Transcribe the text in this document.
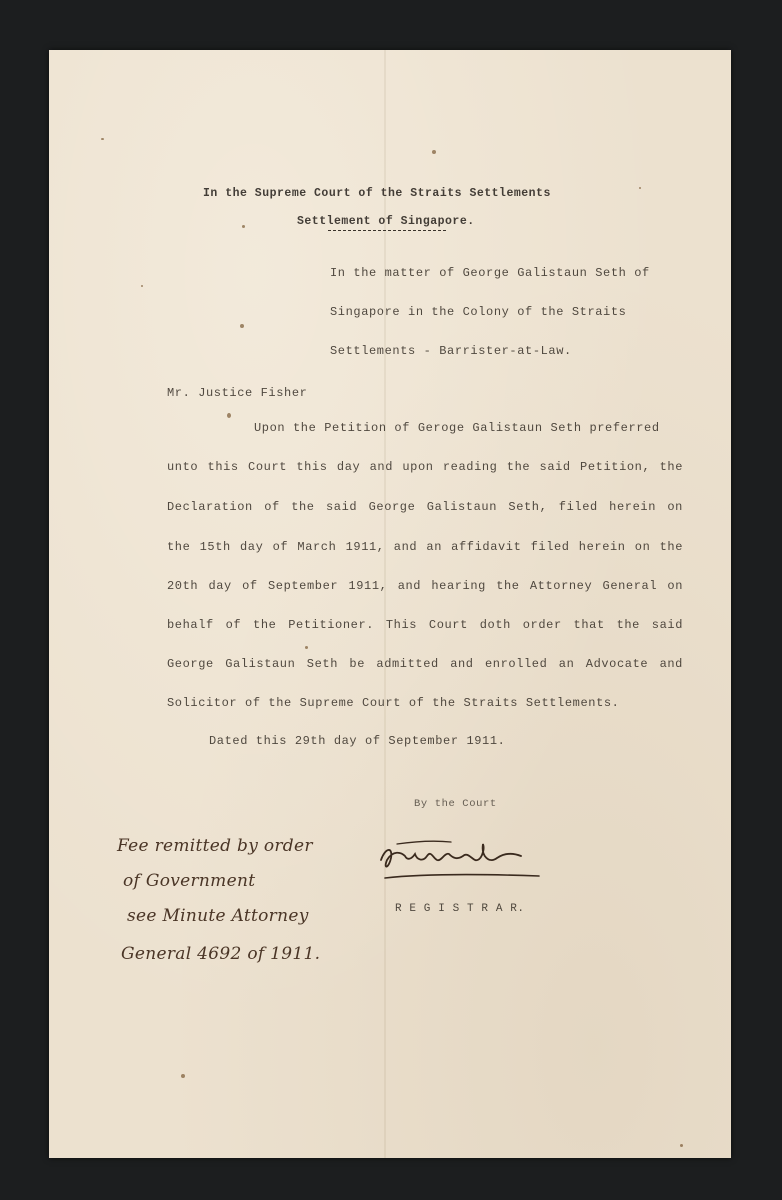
In the Supreme Court of the Straits Settlements

Settlement of Singapore.

In the matter of George Galistaun Seth of

Singapore in the Colony of the Straits

Settlements - Barrister-at-Law.

Mr. Justice Fisher

Upon the Petition of Geroge Galistaun Seth preferred

unto this Court this day and upon reading the said Petition, the

Declaration of the said George Galistaun Seth, filed herein on

the 15th day of March 1911, and an affidavit filed herein on the

20th day of September 1911, and hearing the Attorney General on

behalf of the Petitioner. This Court doth order that the said

George Galistaun Seth be admitted and enrolled an Advocate and

Solicitor of the Supreme Court of the Straits Settlements.

Dated this 29th day of September 1911.

By the Court

R E G I S T R A R.

Fee remitted by order

of Government

see Minute Attorney

General 4692 of 1911.
